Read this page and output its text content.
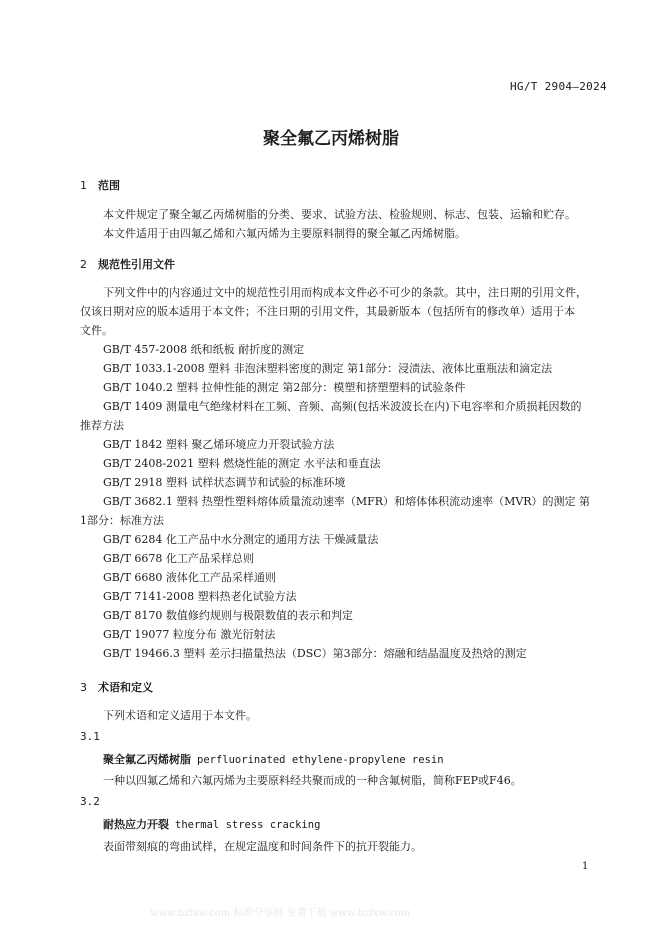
HG/T 2904—2024
聚全氟乙丙烯树脂
1 范围
本文件规定了聚全氟乙丙烯树脂的分类、要求、试验方法、检验规则、标志、包装、运输和贮存。
本文件适用于由四氟乙烯和六氟丙烯为主要原料制得的聚全氟乙丙烯树脂。
2 规范性引用文件
下列文件中的内容通过文中的规范性引用而构成本文件必不可少的条款。其中，注日期的引用文件，
仅该日期对应的版本适用于本文件；不注日期的引用文件，其最新版本（包括所有的修改单）适用于本
文件。
GB/T 457-2008 纸和纸板 耐折度的测定
GB/T 1033.1-2008 塑料 非泡沫塑料密度的测定 第1部分：浸渍法、液体比重瓶法和滴定法
GB/T 1040.2 塑料 拉伸性能的测定 第2部分：模塑和挤塑塑料的试验条件
GB/T 1409 测量电气绝缘材料在工频、音频、高频(包括米波波长在内)下电容率和介质损耗因数的
推荐方法
GB/T 1842 塑料 聚乙烯环境应力开裂试验方法
GB/T 2408-2021 塑料 燃烧性能的测定 水平法和垂直法
GB/T 2918 塑料 试样状态调节和试验的标准环境
GB/T 3682.1 塑料 热塑性塑料熔体质量流动速率（MFR）和熔体体积流动速率（MVR）的测定 第
1部分：标准方法
GB/T 6284 化工产品中水分测定的通用方法 干燥减量法
GB/T 6678 化工产品采样总则
GB/T 6680 液体化工产品采样通则
GB/T 7141-2008 塑料热老化试验方法
GB/T 8170 数值修约规则与极限数值的表示和判定
GB/T 19077 粒度分布 激光衍射法
GB/T 19466.3 塑料 差示扫描量热法（DSC）第3部分：熔融和结晶温度及热焓的测定
3 术语和定义
下列术语和定义适用于本文件。
3.1
聚全氟乙丙烯树脂 perfluorinated ethylene-propylene resin
一种以四氟乙烯和六氟丙烯为主要原料经共聚而成的一种含氟树脂，简称FEP或F46。
3.2
耐热应力开裂 thermal stress cracking
表面带刻痕的弯曲试样，在规定温度和时间条件下的抗开裂能力。
1
www.bzfxw.com 标准分享网 免费下载 www.bzfxw.com
